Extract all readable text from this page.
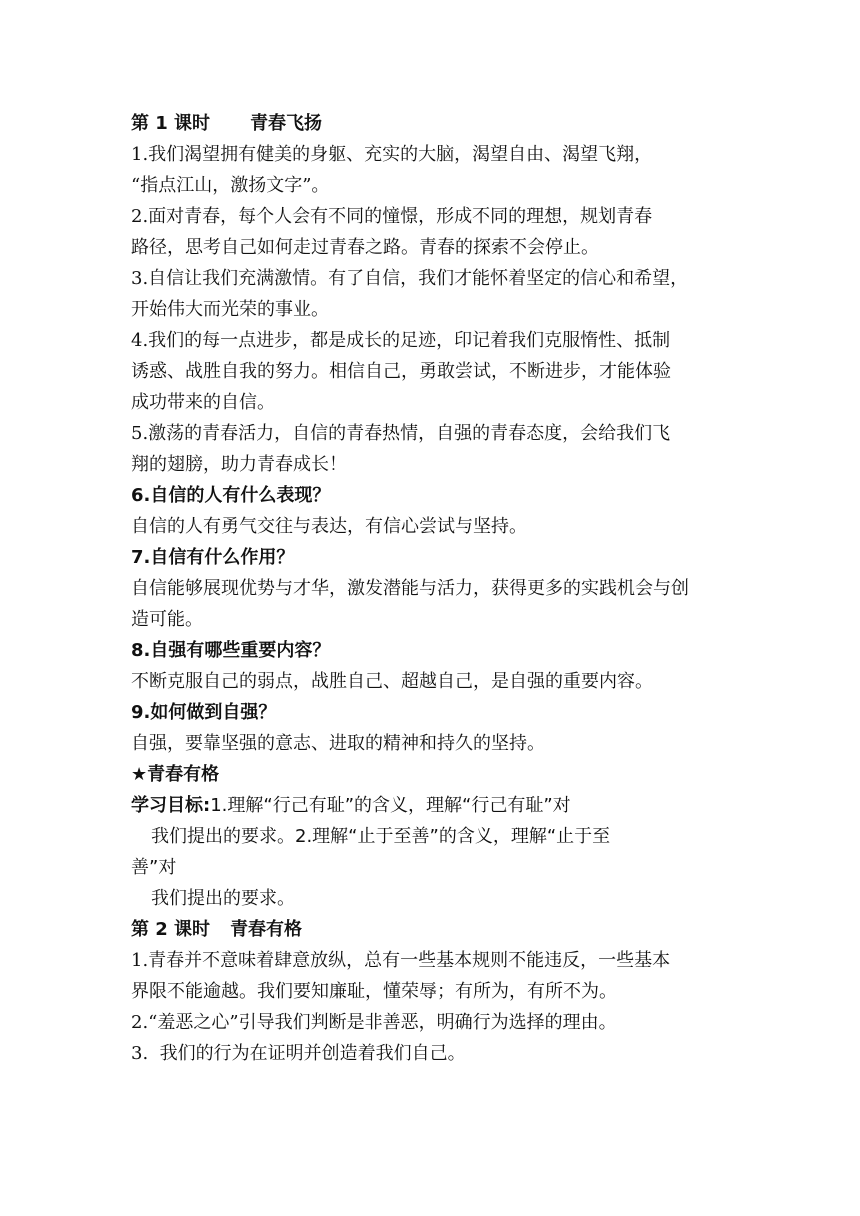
第 1 课时 青春飞扬
1.我们渴望拥有健美的身躯、充实的大脑，渴望自由、渴望飞翔，
“指点江山，激扬文字”。
2.面对青春，每个人会有不同的憧憬，形成不同的理想，规划青春
路径，思考自己如何走过青春之路。青春的探索不会停止。
3.自信让我们充满激情。有了自信，我们才能怀着坚定的信心和希望，
开始伟大而光荣的事业。
4.我们的每一点进步，都是成长的足迹，印记着我们克服惰性、抵制
诱惑、战胜自我的努力。相信自己，勇敢尝试，不断进步，才能体验
成功带来的自信。
5.激荡的青春活力，自信的青春热情，自强的青春态度，会给我们飞
翔的翅膀，助力青春成长！
6.自信的人有什么表现？
自信的人有勇气交往与表达，有信心尝试与坚持。
7.自信有什么作用？
自信能够展现优势与才华，激发潜能与活力，获得更多的实践机会与创
造可能。
8.自强有哪些重要内容？
不断克服自己的弱点，战胜自己、超越自己，是自强的重要内容。
9.如何做到自强？
自强，要靠坚强的意志、进取的精神和持久的坚持。
★青春有格
学习目标:1.理解“行己有耻”的含义，理解“行己有耻”对
我们提出的要求。2.理解“止于至善”的含义，理解“止于至
善”对
我们提出的要求。
第 2 课时 青春有格
1.青春并不意味着肆意放纵，总有一些基本规则不能违反，一些基本
界限不能逾越。我们要知廉耻，懂荣辱；有所为，有所不为。
2.“羞恶之心”引导我们判断是非善恶，明确行为选择的理由。
3.  我们的行为在证明并创造着我们自己。
